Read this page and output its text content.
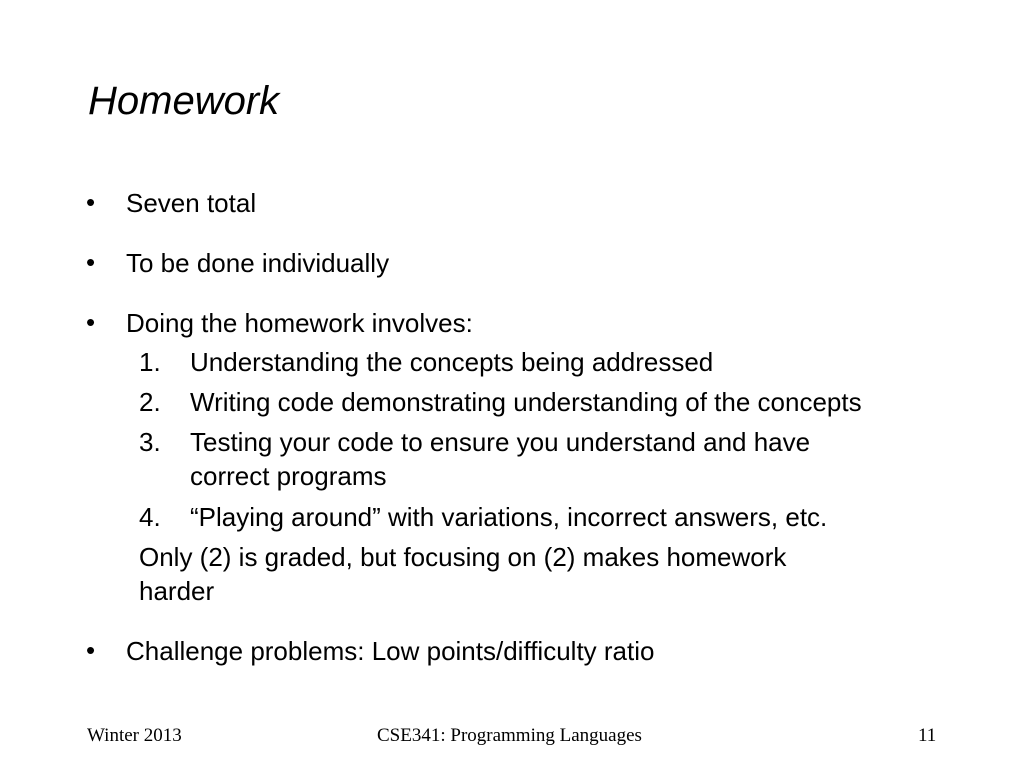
Homework
•	Seven total
•	To be done individually
•	Doing the homework involves:
1. Understanding the concepts being addressed
2. Writing code demonstrating understanding of the concepts
3. Testing your code to ensure you understand and have
correct programs
4. “Playing around” with variations, incorrect answers, etc.
Only (2) is graded, but focusing on (2) makes homework
harder
•	Challenge problems: Low points/difficulty ratio
Winter 2013	CSE341: Programming Languages	11
